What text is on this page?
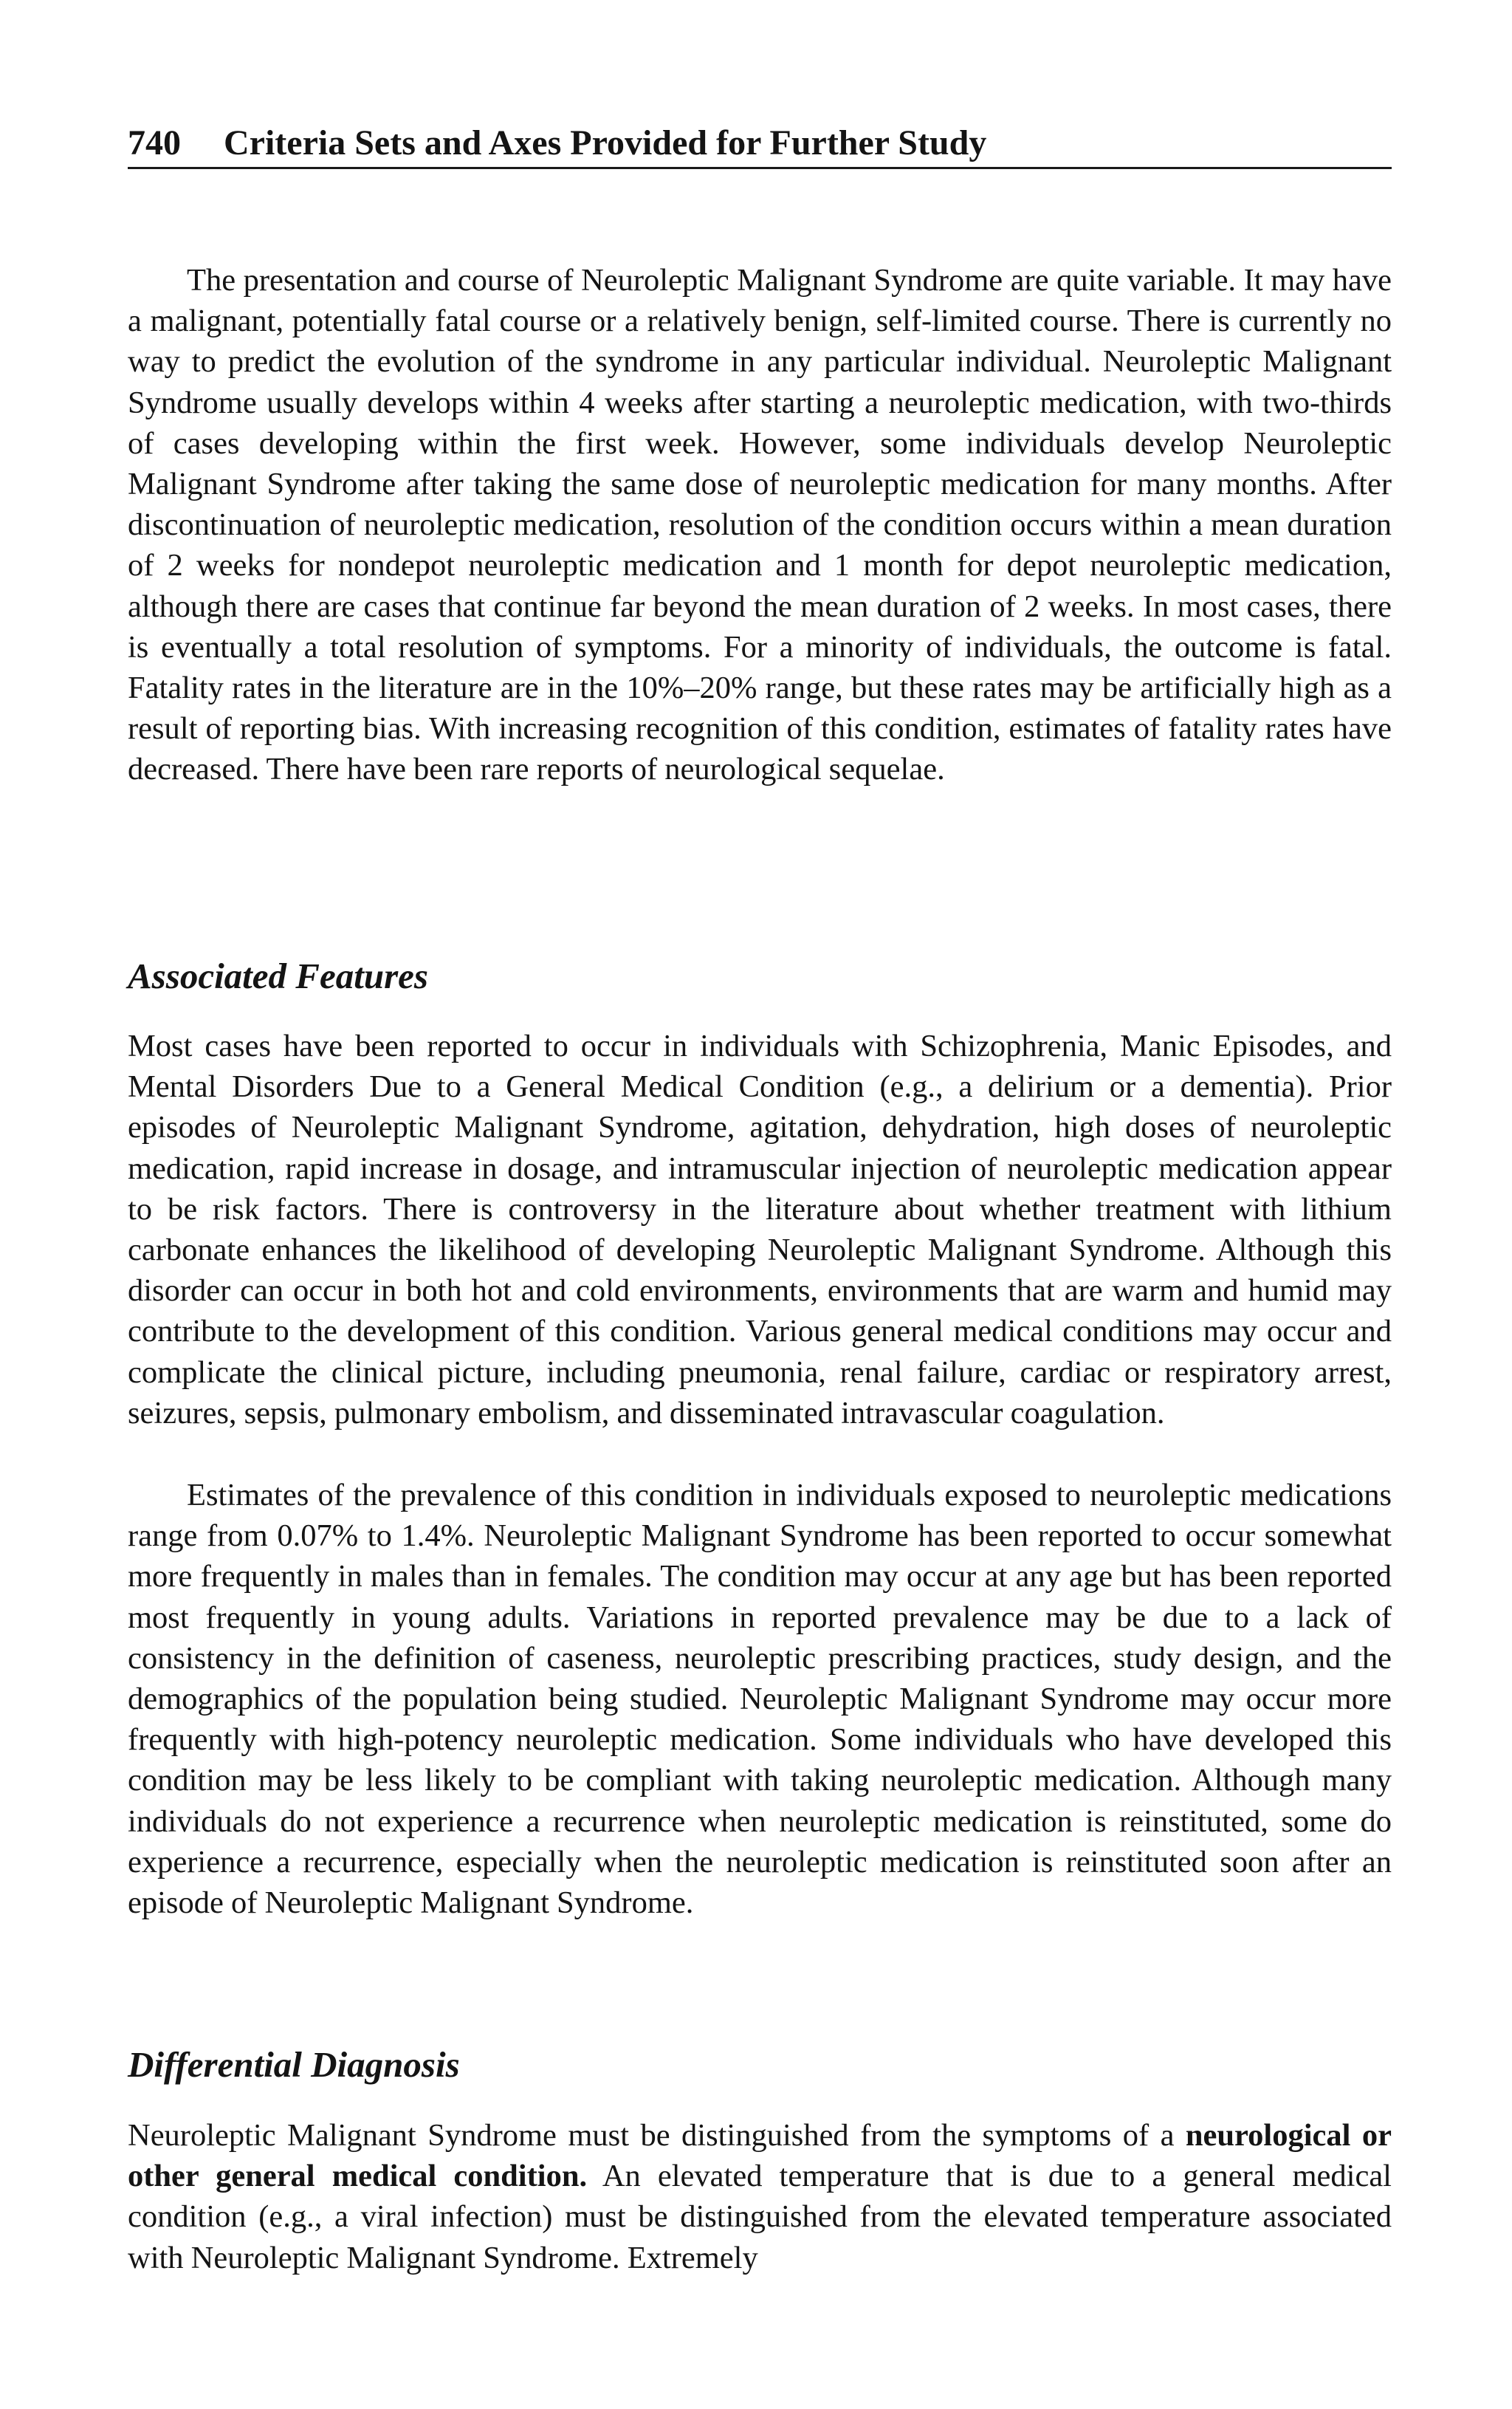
740 Criteria Sets and Axes Provided for Further Study

The presentation and course of Neuroleptic Malignant Syndrome are quite variable. It may have a malignant, potentially fatal course or a relatively benign, self-limited course. There is currently no way to predict the evolution of the syndrome in any particular individual. Neuroleptic Malignant Syndrome usually develops within 4 weeks after starting a neuroleptic medication, with two-thirds of cases developing within the first week. However, some individuals develop Neuroleptic Malignant Syndrome after taking the same dose of neuroleptic medication for many months. After discontinuation of neuroleptic medication, resolution of the condition occurs within a mean duration of 2 weeks for nondepot neuroleptic medication and 1 month for depot neuroleptic medication, although there are cases that continue far beyond the mean duration of 2 weeks. In most cases, there is eventually a total resolution of symptoms. For a minority of individuals, the outcome is fatal. Fatality rates in the literature are in the 10%–20% range, but these rates may be artificially high as a result of reporting bias. With increasing recognition of this condition, estimates of fatality rates have decreased. There have been rare reports of neurological sequelae.

Associated Features

Most cases have been reported to occur in individuals with Schizophrenia, Manic Episodes, and Mental Disorders Due to a General Medical Condition (e.g., a delirium or a dementia). Prior episodes of Neuroleptic Malignant Syndrome, agitation, dehydration, high doses of neuroleptic medication, rapid increase in dosage, and intramuscular injection of neuroleptic medication appear to be risk factors. There is controversy in the literature about whether treatment with lithium carbonate enhances the likelihood of developing Neuroleptic Malignant Syndrome. Although this disorder can occur in both hot and cold environments, environments that are warm and humid may contribute to the development of this condition. Various general medical conditions may occur and complicate the clinical picture, including pneumonia, renal failure, cardiac or respiratory arrest, seizures, sepsis, pulmonary embolism, and disseminated intravascular coagulation.

Estimates of the prevalence of this condition in individuals exposed to neuroleptic medications range from 0.07% to 1.4%. Neuroleptic Malignant Syndrome has been reported to occur somewhat more frequently in males than in females. The condition may occur at any age but has been reported most frequently in young adults. Variations in reported prevalence may be due to a lack of consistency in the definition of caseness, neuroleptic prescribing practices, study design, and the demographics of the population being studied. Neuroleptic Malignant Syndrome may occur more frequently with high-potency neuroleptic medication. Some individuals who have developed this condition may be less likely to be compliant with taking neuroleptic medication. Although many individuals do not experience a recurrence when neuroleptic medication is reinstituted, some do experience a recurrence, especially when the neuroleptic medication is reinstituted soon after an episode of Neuroleptic Malignant Syndrome.

Differential Diagnosis

Neuroleptic Malignant Syndrome must be distinguished from the symptoms of a neurological or other general medical condition. An elevated temperature that is due to a general medical condition (e.g., a viral infection) must be distinguished from the elevated temperature associated with Neuroleptic Malignant Syndrome. Extremely
